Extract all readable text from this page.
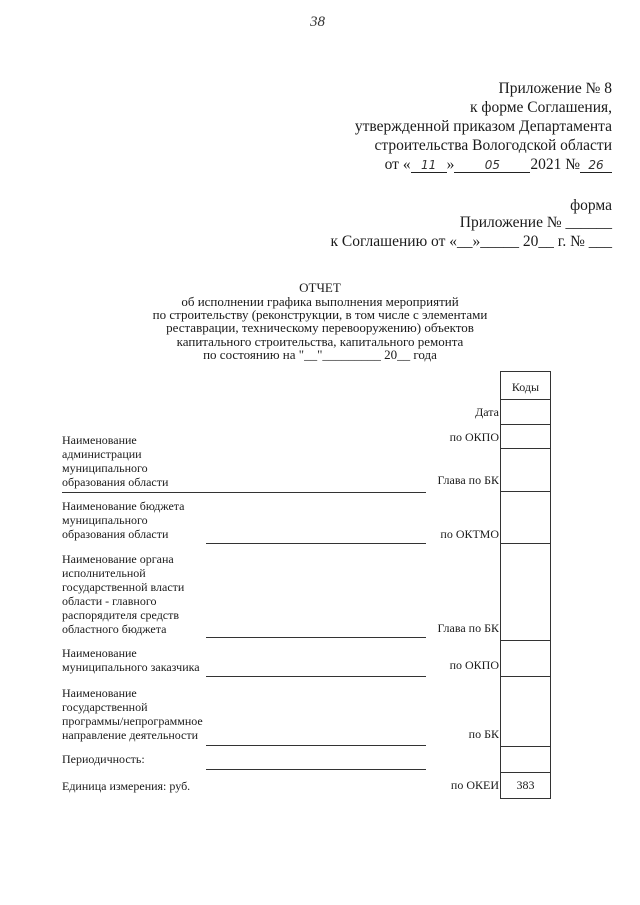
38
Приложение № 8
к форме Соглашения,
утвержденной приказом Департамента
строительства Вологодской области
от « 11 »	05 2021 № 26
форма
Приложение № ______
к Соглашению от «__»_____ 20__ г. № ___
ОТЧЕТ
об исполнении графика выполнения мероприятий
по строительству (реконструкции, в том числе с элементами
реставрации, техническому перевооружению) объектов
капитального строительства, капитального ремонта
по состоянию на "__"_________ 20__ года
Коды
383
Дата
по ОКПО
Глава по БК
по ОКТМО
Глава по БК
по ОКПО
по БК
по ОКЕИ
Наименование
администрации
муниципального
образования области
Наименование бюджета
муниципального
образования области
Наименование органа
исполнительной
государственной власти
области - главного
распорядителя средств
областного бюджета
Наименование
муниципального заказчика
Наименование
государственной
программы/непрограммное
направление деятельности
Периодичность:
Единица измерения: руб.
